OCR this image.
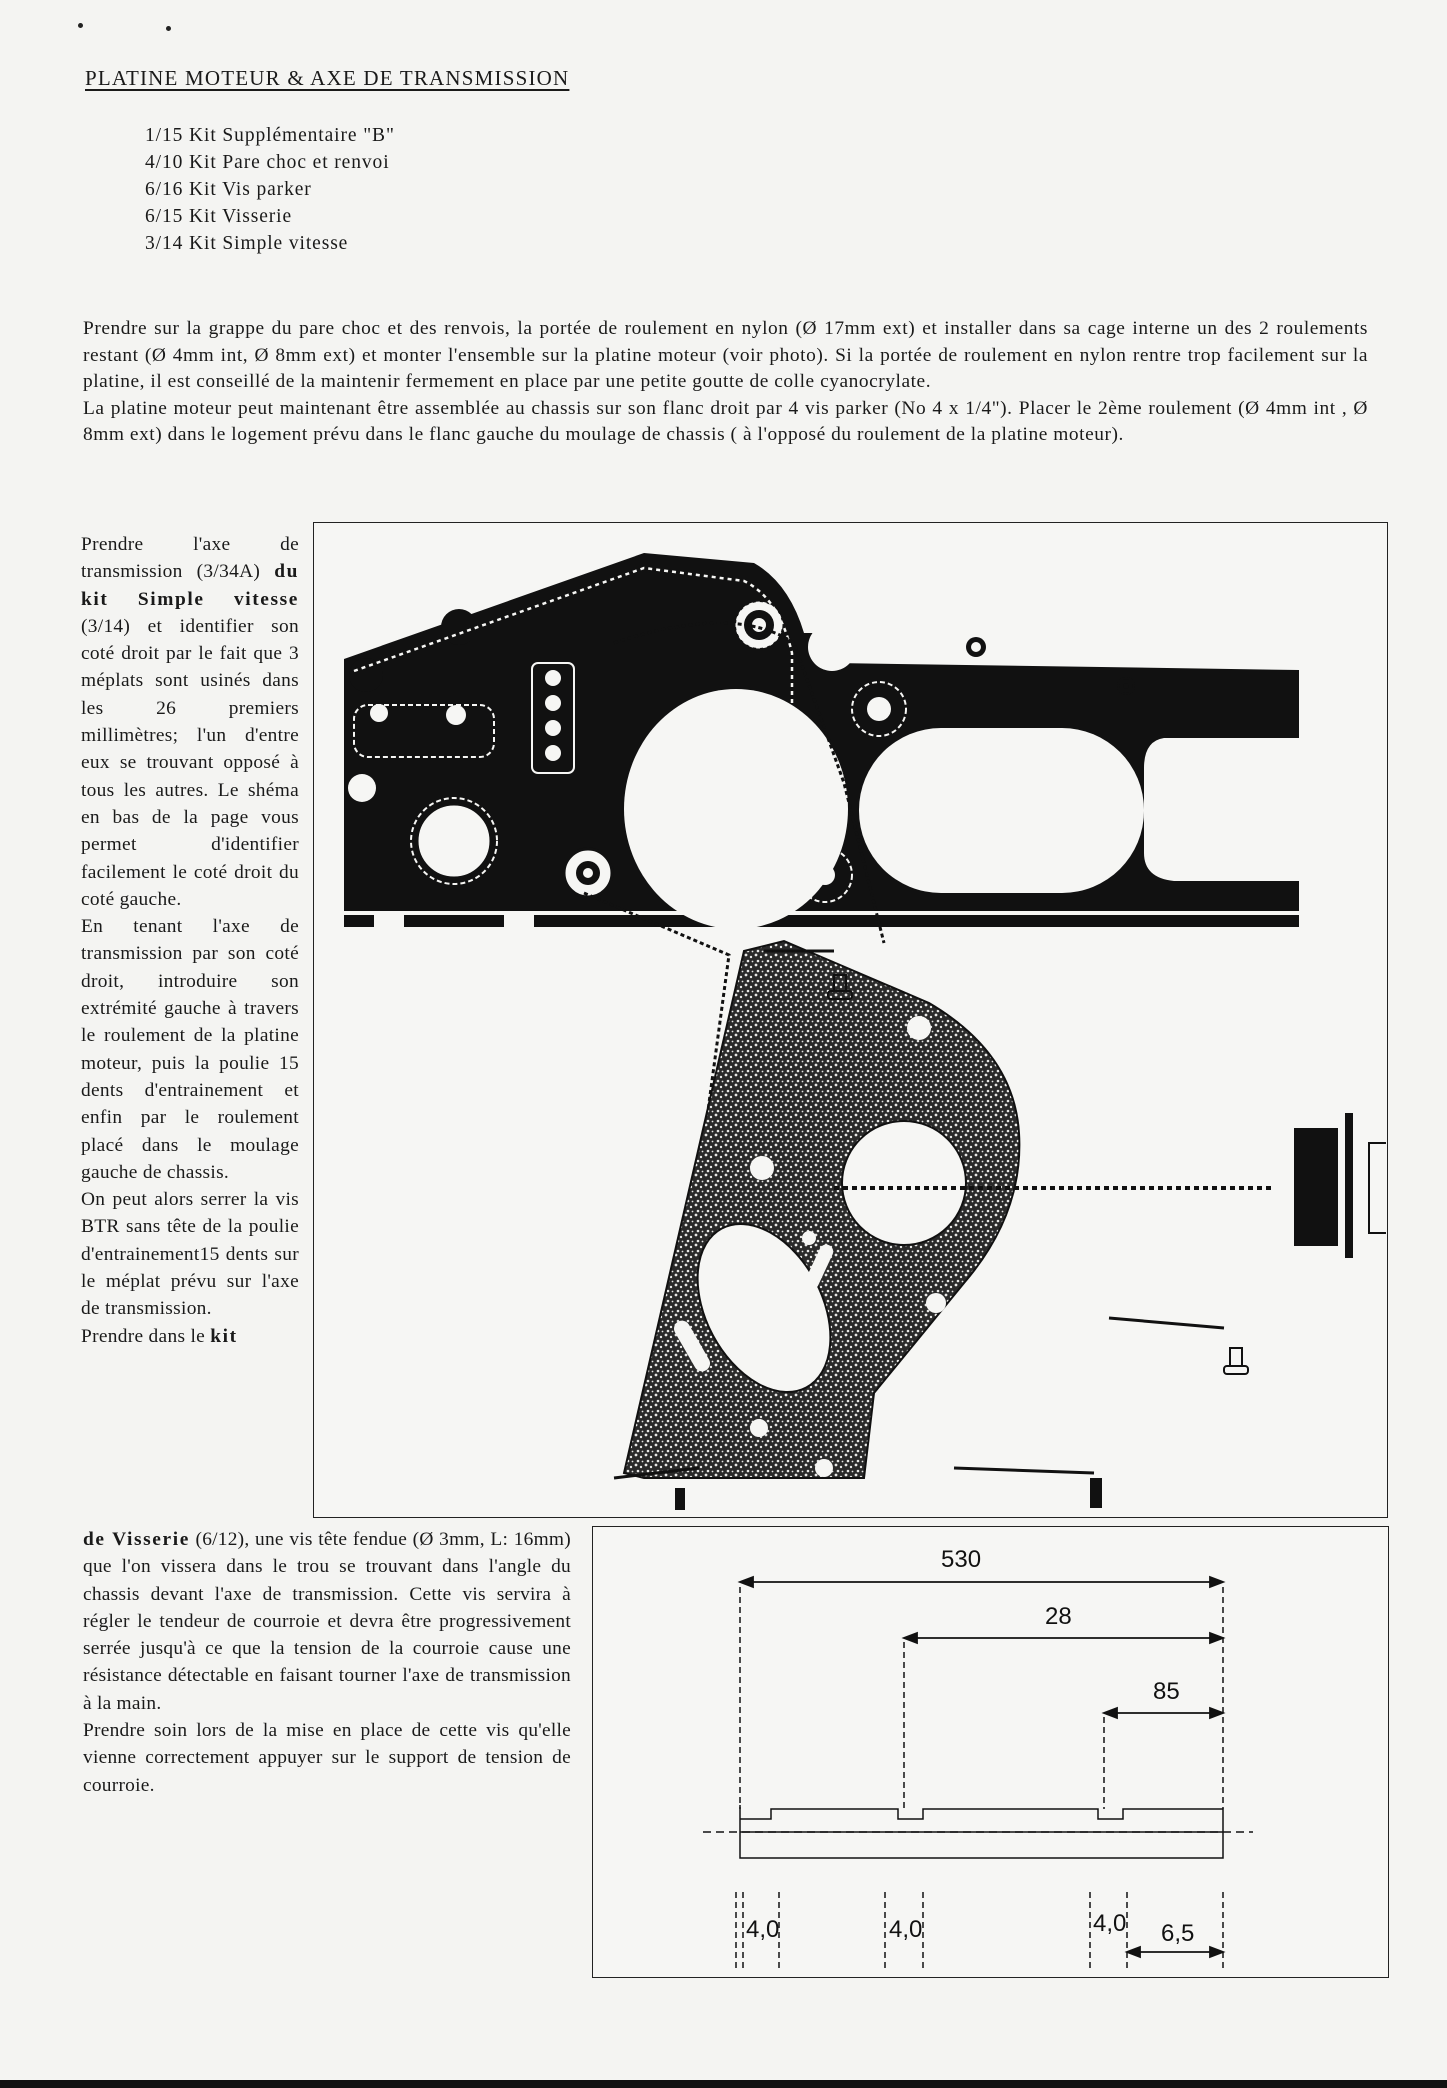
PLATINE MOTEUR & AXE DE TRANSMISSION
1/15 Kit Supplémentaire "B"
4/10 Kit Pare choc et renvoi
6/16 Kit Vis parker
6/15 Kit Visserie
3/14 Kit Simple vitesse

Prendre sur la grappe du pare choc et des renvois, la portée de roulement en nylon (Ø 17mm ext) et installer dans sa cage interne un des 2 roulements restant (Ø 4mm int, Ø 8mm ext) et monter l'ensemble sur la platine moteur (voir photo). Si la portée de roulement en nylon rentre trop facilement sur la platine, il est conseillé de la maintenir fermement en place par une petite goutte de colle cyanocrylate.

La platine moteur peut maintenant être assemblée au chassis sur son flanc droit par 4 vis parker (No 4 x 1/4"). Placer le 2ème roulement (Ø 4mm int , Ø 8mm ext) dans le logement prévu dans le flanc gauche du moulage de chassis ( à l'opposé du roulement de la platine moteur).

Prendre l'axe de transmission (3/34A) du kit Simple vitesse (3/14) et identifier son coté droit par le fait que 3 méplats sont usinés dans les 26 premiers millimètres; l'un d'entre eux se trouvant opposé à tous les autres. Le shéma en bas de la page vous permet d'identifier facilement le coté droit du coté gauche.

En tenant l'axe de transmission par son coté droit, introduire son extrémité gauche à travers le roulement de la platine moteur, puis la poulie 15 dents d'entrainement et enfin par le roulement placé dans le moulage gauche de chassis.

On peut alors serrer la vis BTR sans tête de la poulie d'entrainement15 dents sur le méplat prévu sur l'axe de transmission.

Prendre dans le kit

de Visserie (6/12), une vis tête fendue (Ø 3mm, L: 16mm) que l'on vissera dans le trou se trouvant dans l'angle du chassis devant l'axe de transmission. Cette vis servira à régler le tendeur de courroie et devra être progressivement serrée jusqu'à ce que la tension de la courroie cause une résistance détectable en faisant tourner l'axe de transmission à la main.

Prendre soin lors de la mise en place de cette vis qu'elle vienne correctement appuyer sur le support de tension de courroie.

530
28
85
4,0	4,0	4,0 6,5
